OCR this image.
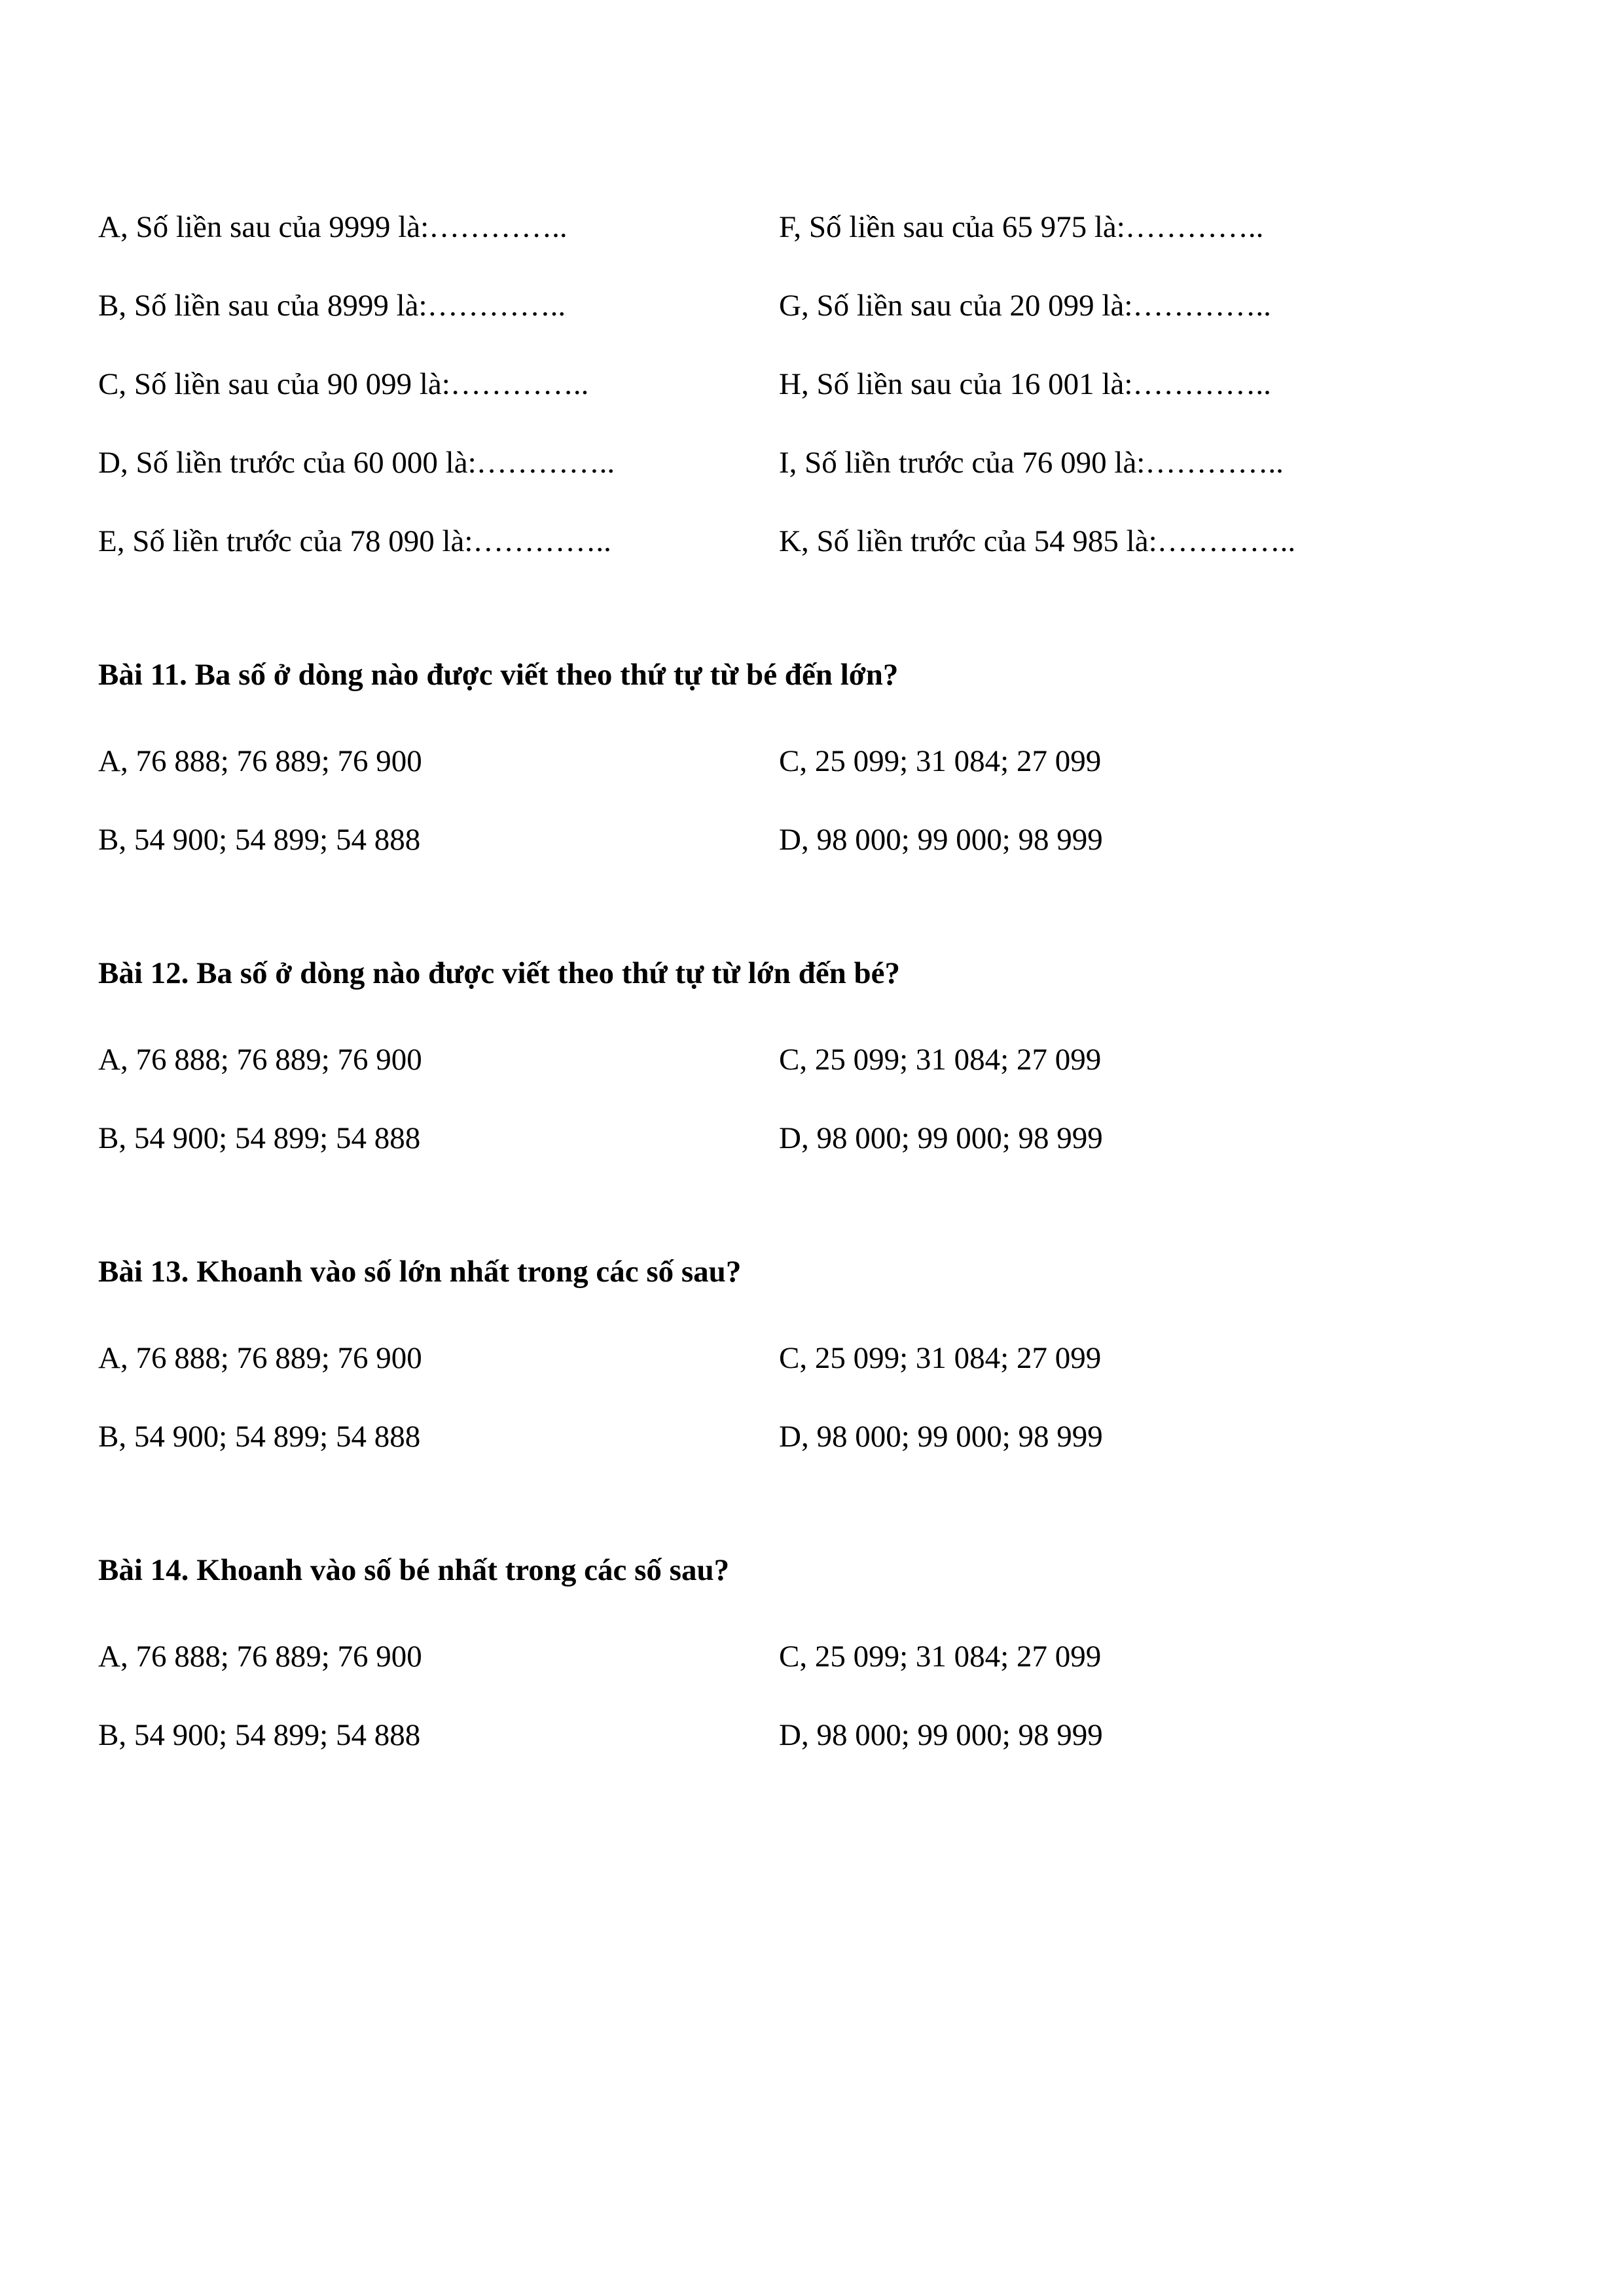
A, Số liền sau của 9999 là:…………..	F, Số liền sau của 65 975 là:…………..
B, Số liền sau của 8999 là:…………..	G, Số liền sau của 20 099 là:…………..
C, Số liền sau của 90 099 là:…………..	H, Số liền sau của 16 001 là:…………..
D, Số liền trước của 60 000 là:…………..	I, Số liền trước của 76 090 là:…………..
E, Số liền trước của 78 090 là:…………..	K, Số liền trước của 54 985 là:…………..
Bài 11. Ba số ở dòng nào được viết theo thứ tự từ bé đến lớn?
A, 76 888; 76 889; 76 900	C, 25 099; 31 084; 27 099
B, 54 900; 54 899; 54 888	D, 98 000; 99 000; 98 999
Bài 12. Ba số ở dòng nào được viết theo thứ tự từ lớn đến bé?
A, 76 888; 76 889; 76 900	C, 25 099; 31 084; 27 099
B, 54 900; 54 899; 54 888	D, 98 000; 99 000; 98 999
Bài 13. Khoanh vào số lớn nhất trong các số sau?
A, 76 888; 76 889; 76 900	C, 25 099; 31 084; 27 099
B, 54 900; 54 899; 54 888	D, 98 000; 99 000; 98 999
Bài 14. Khoanh vào số bé nhất trong các số sau?
A, 76 888; 76 889; 76 900	C, 25 099; 31 084; 27 099
B, 54 900; 54 899; 54 888	D, 98 000; 99 000; 98 999
